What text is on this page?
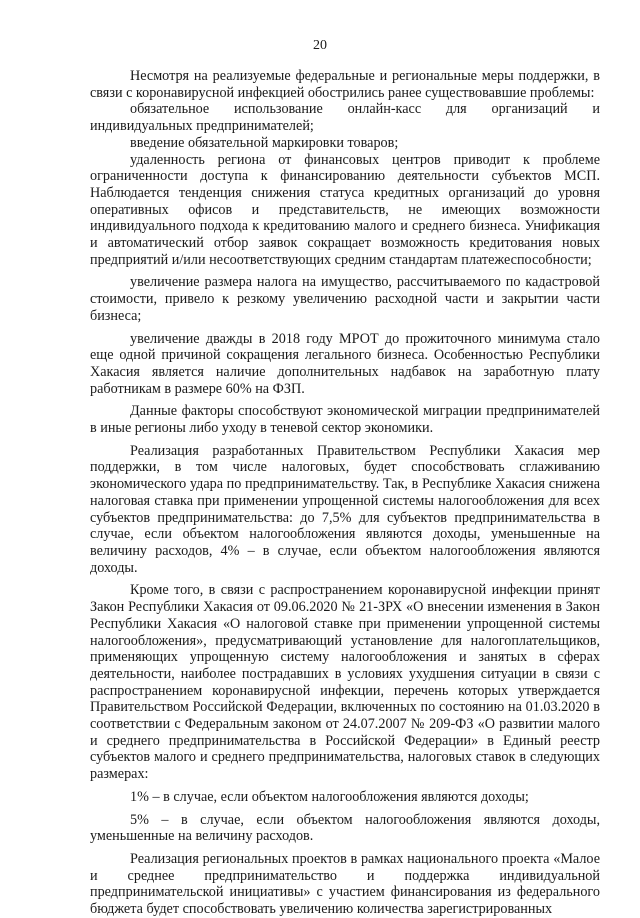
20

Несмотря на реализуемые федеральные и региональные меры поддержки, в связи с коронавирусной инфекцией обострились ранее существовавшие проблемы:

обязательное использование онлайн-касс для организаций и индивидуальных предпринимателей;

введение обязательной маркировки товаров;

удаленность региона от финансовых центров приводит к проблеме ограниченности доступа к финансированию деятельности субъектов МСП. Наблюдается тенденция снижения статуса кредитных организаций до уровня оперативных офисов и представительств, не имеющих возможности индивидуального подхода к кредитованию малого и среднего бизнеса. Унификация и автоматический отбор заявок сокращает возможность кредитования новых предприятий и/или несоответствующих средним стандартам платежеспособности;

увеличение размера налога на имущество, рассчитываемого по кадастровой стоимости, привело к резкому увеличению расходной части и закрытии части бизнеса;

увеличение дважды в 2018 году МРОТ до прожиточного минимума стало еще одной причиной сокращения легального бизнеса. Особенностью Республики Хакасия является наличие дополнительных надбавок на заработную плату работникам в размере 60% на ФЗП.

Данные факторы способствуют экономической миграции предпринимателей в иные регионы либо уходу в теневой сектор экономики.

Реализация разработанных Правительством Республики Хакасия мер поддержки, в том числе налоговых, будет способствовать сглаживанию экономического удара по предпринимательству. Так, в Республике Хакасия снижена налоговая ставка при применении упрощенной системы налогообложения для всех субъектов предпринимательства: до 7,5% для субъектов предпринимательства в случае, если объектом налогообложения являются доходы, уменьшенные на величину расходов, 4% – в случае, если объектом налогообложения являются доходы.

Кроме того, в связи с распространением коронавирусной инфекции принят Закон Республики Хакасия от 09.06.2020 № 21-ЗРХ «О внесении изменения в Закон Республики Хакасия «О налоговой ставке при применении упрощенной системы налогообложения», предусматривающий установление для налогоплательщиков, применяющих упрощенную систему налогообложения и занятых в сферах деятельности, наиболее пострадавших в условиях ухудшения ситуации в связи с распространением коронавирусной инфекции, перечень которых утверждается Правительством Российской Федерации, включенных по состоянию на 01.03.2020 в соответствии с Федеральным законом от 24.07.2007 № 209-ФЗ «О развитии малого и среднего предпринимательства в Российской Федерации» в Единый реестр субъектов малого и среднего предпринимательства, налоговых ставок в следующих размерах:

1% – в случае, если объектом налогообложения являются доходы;

5% – в случае, если объектом налогообложения являются доходы, уменьшенные на величину расходов.

Реализация региональных проектов в рамках национального проекта «Малое и среднее предпринимательство и поддержка индивидуальной предпринимательской инициативы» с участием финансирования из федерального бюджета будет способствовать увеличению количества зарегистрированных
